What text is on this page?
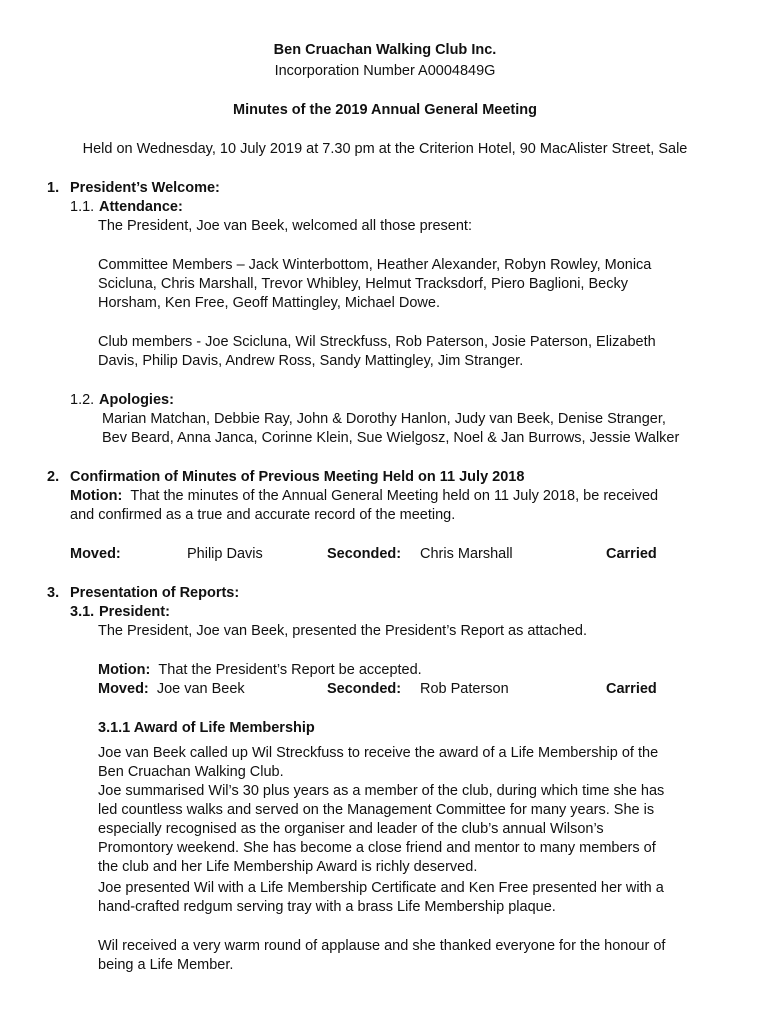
Ben Cruachan Walking Club Inc.
Incorporation Number A0004849G
Minutes of the 2019 Annual General Meeting
Held on Wednesday, 10 July 2019 at 7.30 pm at the Criterion Hotel, 90 MacAlister Street, Sale
1. President’s Welcome:
1.1. Attendance:
The President, Joe van Beek, welcomed all those present:
Committee Members – Jack Winterbottom, Heather Alexander, Robyn Rowley, Monica
Scicluna, Chris Marshall, Trevor Whibley, Helmut Tracksdorf, Piero Baglioni, Becky
Horsham, Ken Free, Geoff Mattingley, Michael Dowe.
Club members - Joe Scicluna, Wil Streckfuss, Rob Paterson, Josie Paterson, Elizabeth
Davis, Philip Davis, Andrew Ross, Sandy Mattingley, Jim Stranger.
1.2. Apologies:
Marian Matchan, Debbie Ray, John & Dorothy Hanlon, Judy van Beek, Denise Stranger,
Bev Beard, Anna Janca, Corinne Klein, Sue Wielgosz, Noel & Jan Burrows, Jessie Walker
2. Confirmation of Minutes of Previous Meeting Held on 11 July 2018
Motion: That the minutes of the Annual General Meeting held on 11 July 2018, be received
and confirmed as a true and accurate record of the meeting.
Moved:	Philip Davis	Seconded: Chris Marshall	Carried
3. Presentation of Reports:
3.1. President:
The President, Joe van Beek, presented the President’s Report as attached.
Motion: That the President’s Report be accepted.
Moved: Joe van Beek	Seconded: Rob Paterson	Carried
3.1.1 Award of Life Membership
Joe van Beek called up Wil Streckfuss to receive the award of a Life Membership of the
Ben Cruachan Walking Club.
Joe summarised Wil’s 30 plus years as a member of the club, during which time she has
led countless walks and served on the Management Committee for many years. She is
especially recognised as the organiser and leader of the club’s annual Wilson’s
Promontory weekend. She has become a close friend and mentor to many members of
the club and her Life Membership Award is richly deserved.
Joe presented Wil with a Life Membership Certificate and Ken Free presented her with a
hand-crafted redgum serving tray with a brass Life Membership plaque.
Wil received a very warm round of applause and she thanked everyone for the honour of
being a Life Member.
